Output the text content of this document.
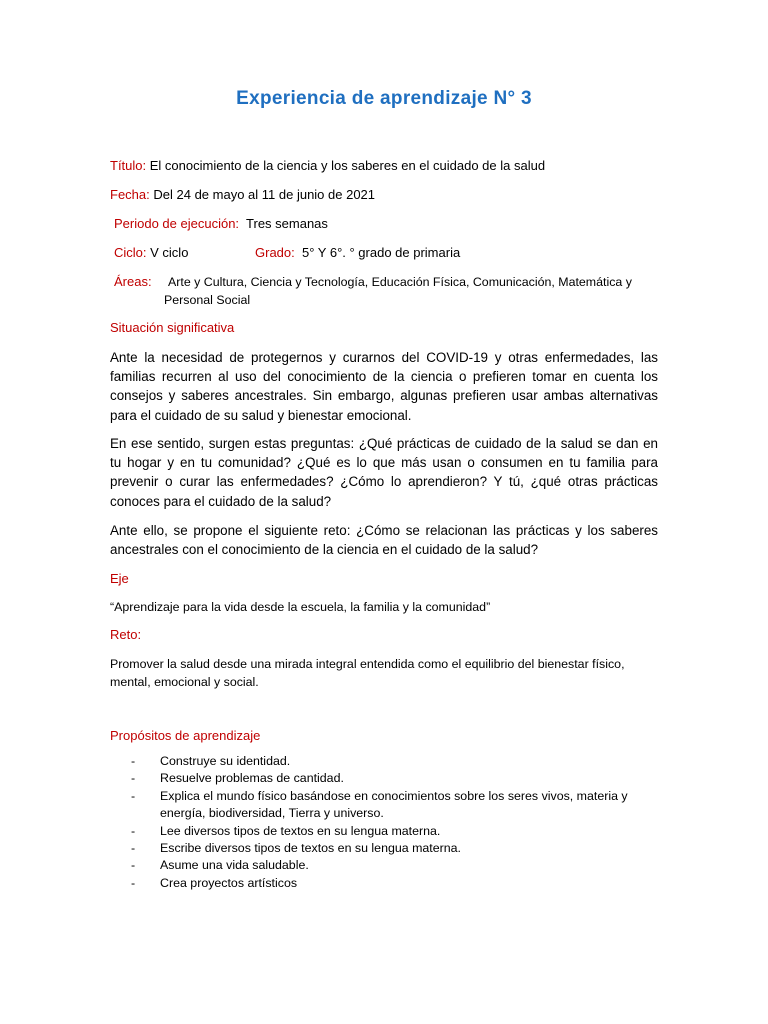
Experiencia de aprendizaje N° 3
Título: El conocimiento de la ciencia y los saberes en el cuidado de la salud
Fecha: Del 24 de mayo al 11 de junio de 2021
Periodo de ejecución: Tres semanas
Ciclo: V ciclo	Grado: 5° Y 6°. ° grado de primaria
Áreas: Arte y Cultura, Ciencia y Tecnología, Educación Física, Comunicación, Matemática y
Personal Social
Situación significativa
Ante la necesidad de protegernos y curarnos del COVID-19 y otras enfermedades, las familias recurren al uso del conocimiento de la ciencia o prefieren tomar en cuenta los consejos y saberes ancestrales. Sin embargo, algunas prefieren usar ambas alternativas para el cuidado de su salud y bienestar emocional.
En ese sentido, surgen estas preguntas: ¿Qué prácticas de cuidado de la salud se dan en tu hogar y en tu comunidad? ¿Qué es lo que más usan o consumen en tu familia para prevenir o curar las enfermedades? ¿Cómo lo aprendieron? Y tú, ¿qué otras prácticas conoces para el cuidado de la salud?
Ante ello, se propone el siguiente reto: ¿Cómo se relacionan las prácticas y los saberes ancestrales con el conocimiento de la ciencia en el cuidado de la salud?
Eje
“Aprendizaje para la vida desde la escuela, la familia y la comunidad”
Reto:
Promover la salud desde una mirada integral entendida como el equilibrio del bienestar físico, mental, emocional y social.
Propósitos de aprendizaje
- Construye su identidad.
- Resuelve problemas de cantidad.
- Explica el mundo físico basándose en conocimientos sobre los seres vivos, materia y energía, biodiversidad, Tierra y universo.
- Lee diversos tipos de textos en su lengua materna.
- Escribe diversos tipos de textos en su lengua materna.
- Asume una vida saludable.
- Crea proyectos artísticos
